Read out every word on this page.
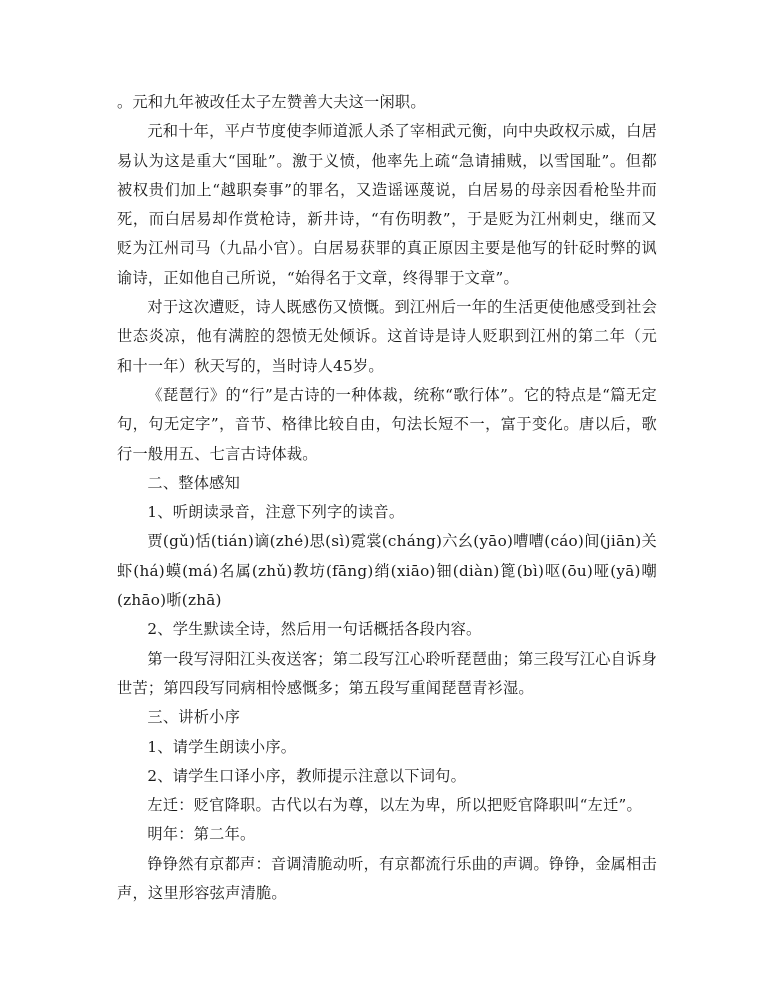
。元和九年被改任太子左赞善大夫这一闲职。

元和十年，平卢节度使李师道派人杀了宰相武元衡，向中央政权示威，白居易认为这是重大“国耻”。激于义愤，他率先上疏“急请捕贼，以雪国耻”。但都被权贵们加上“越职奏事”的罪名，又造谣诬蔑说，白居易的母亲因看枪坠井而死，而白居易却作赏枪诗，新井诗，“有伤明教”，于是贬为江州刺史，继而又贬为江州司马（九品小官）。白居易获罪的真正原因主要是他写的针砭时弊的讽谕诗，正如他自己所说，“始得名于文章，终得罪于文章”。

对于这次遭贬，诗人既感伤又愤慨。到江州后一年的生活更使他感受到社会世态炎凉，他有满腔的怨愤无处倾诉。这首诗是诗人贬职到江州的第二年（元和十一年）秋天写的，当时诗人45岁。

《琵琶行》的“行”是古诗的一种体裁，统称“歌行体”。它的特点是“篇无定句，句无定字”，音节、格律比较自由，句法长短不一，富于变化。唐以后，歌行一般用五、七言古诗体裁。

二、整体感知

1、听朗读录音，注意下列字的读音。

贾(gǔ)恬(tián)谪(zhé)思(sì)霓裳(cháng)六幺(yāo)嘈嘈(cáo)间(jiān)关虾(há)蟆(má)名属(zhǔ)教坊(fāng)绡(xiāo)钿(diàn)篦(bì)呕(ōu)哑(yā)嘲(zhāo)哳(zhā)

2、学生默读全诗，然后用一句话概括各段内容。

第一段写浔阳江头夜送客；第二段写江心聆听琵琶曲；第三段写江心自诉身世苦；第四段写同病相怜感慨多；第五段写重闻琵琶青衫湿。

三、讲析小序

1、请学生朗读小序。

2、请学生口译小序，教师提示注意以下词句。

左迁：贬官降职。古代以右为尊，以左为卑，所以把贬官降职叫“左迁”。

明年：第二年。

铮铮然有京都声：音调清脆动听，有京都流行乐曲的声调。铮铮，金属相击声，这里形容弦声清脆。
